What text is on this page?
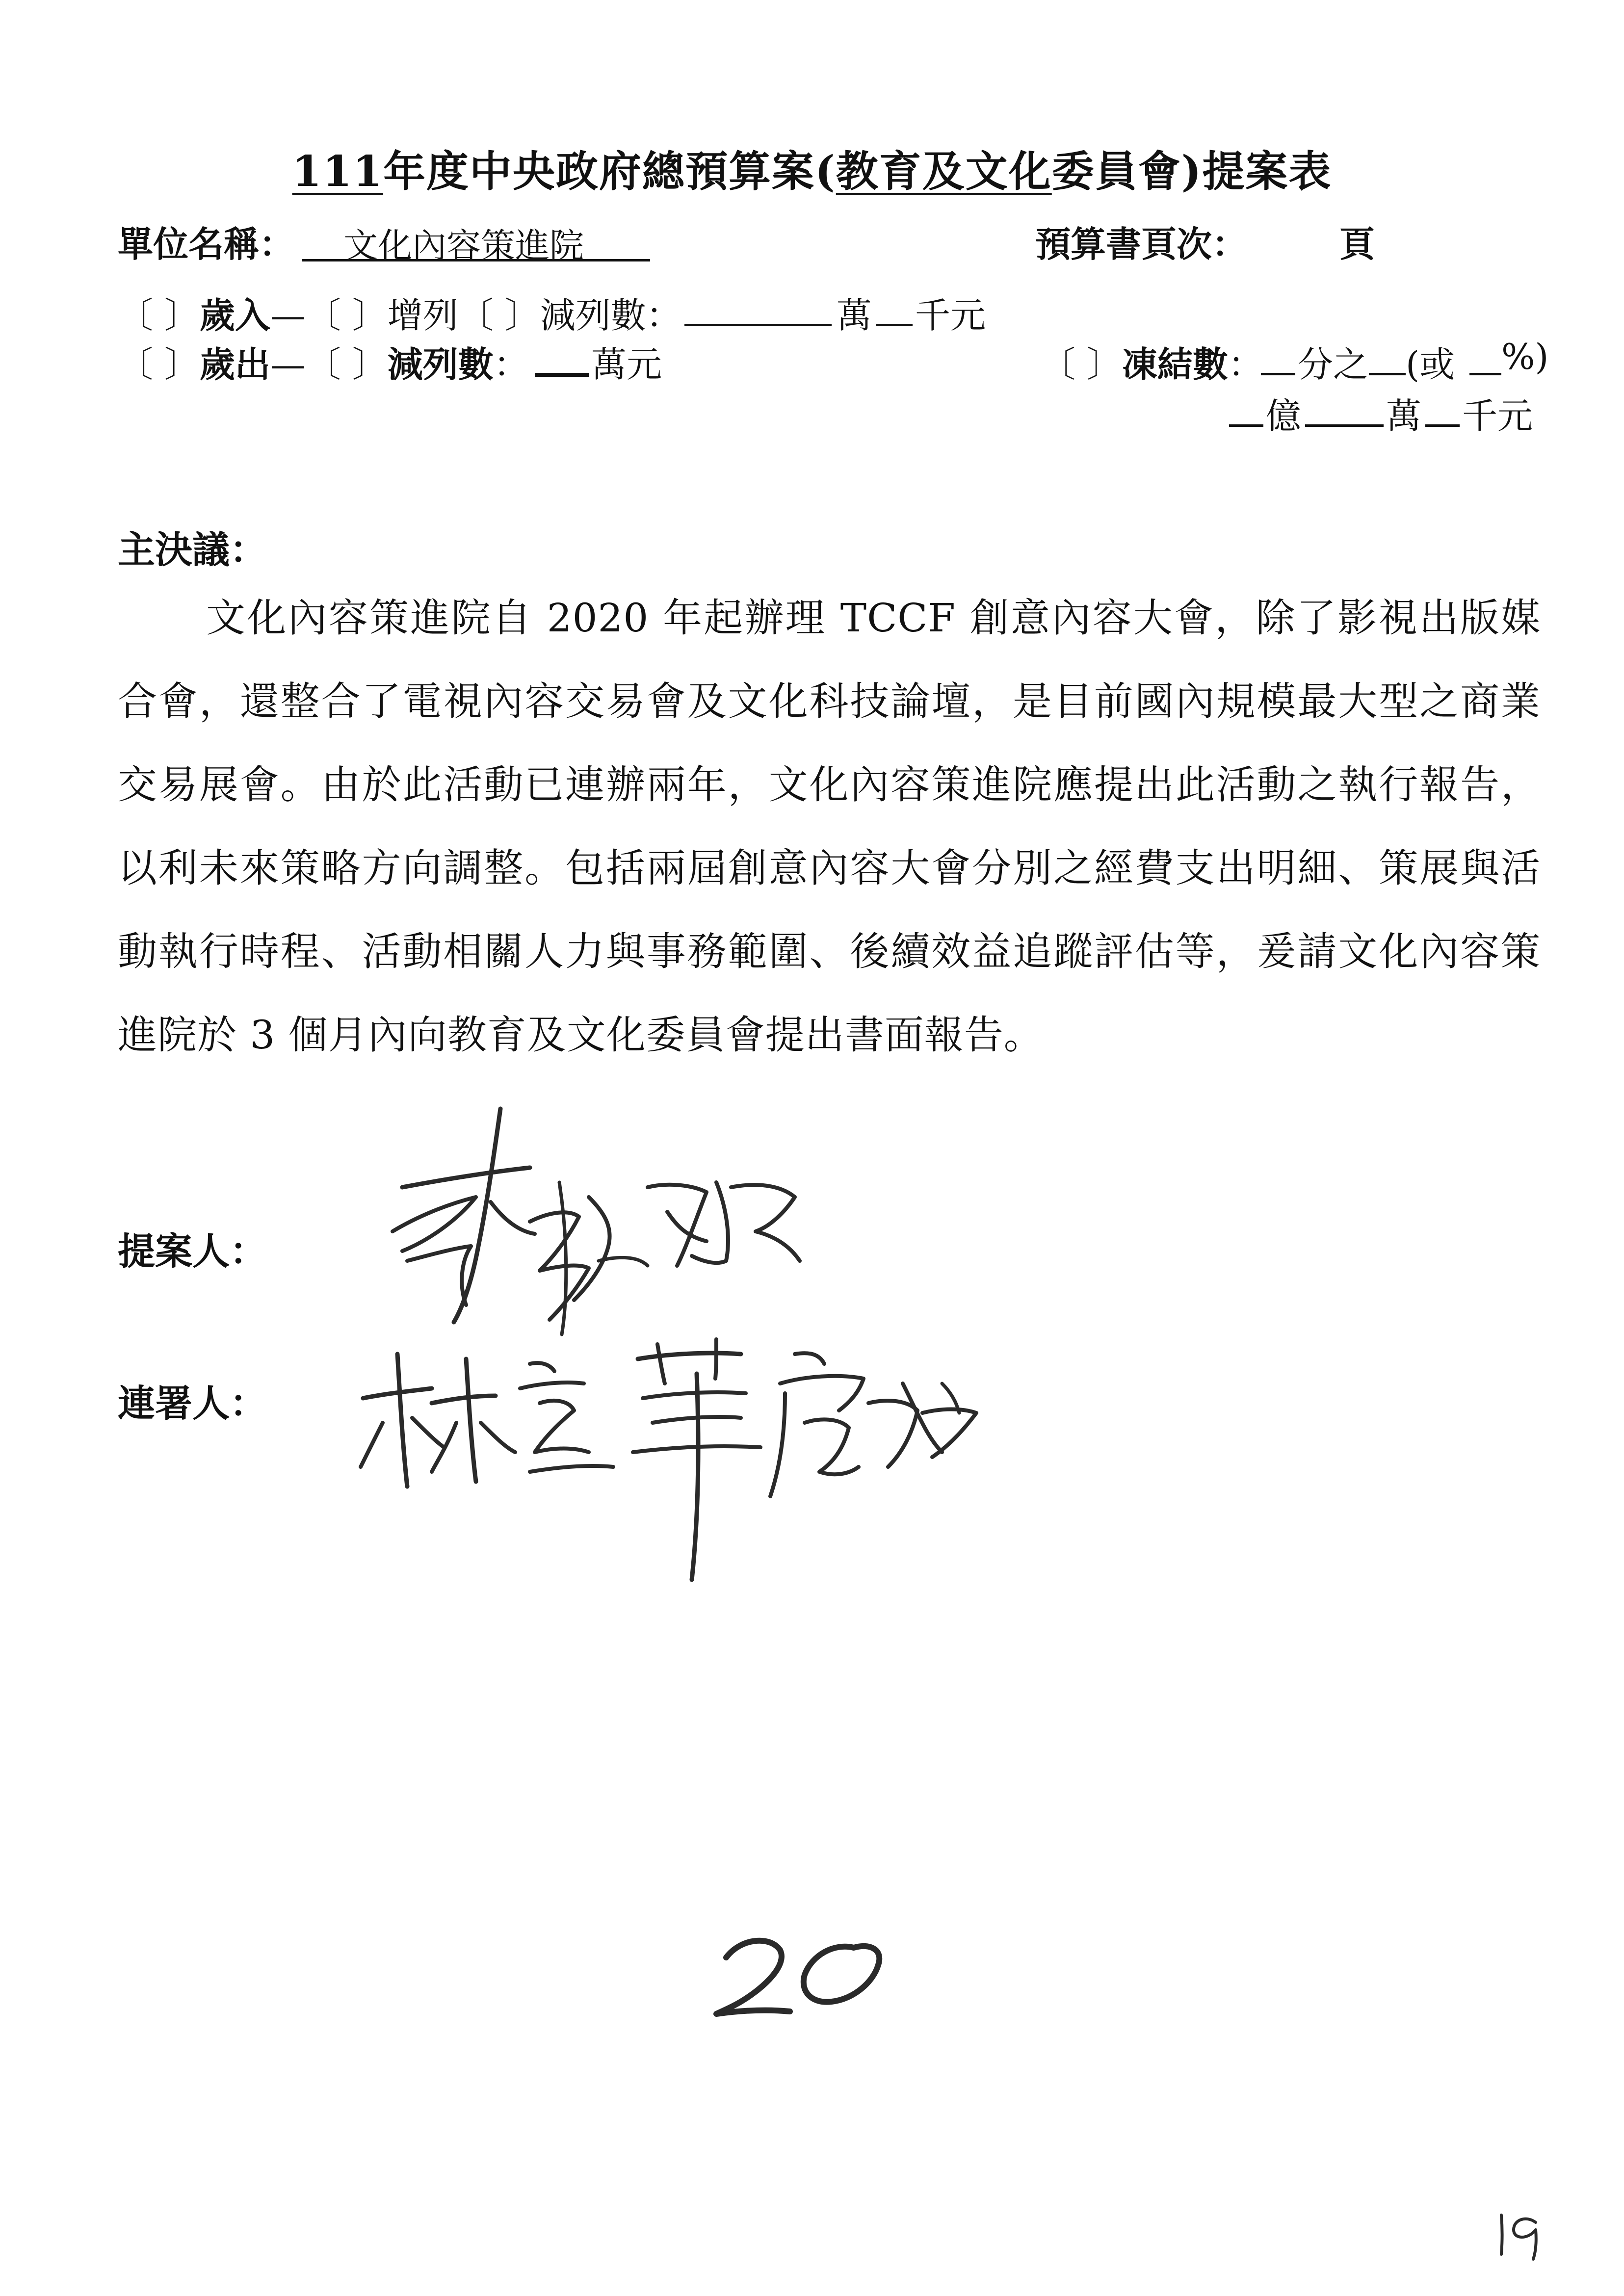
111年度中央政府總預算案(教育及文化委員會)提案表
單位名稱： 文化內容策進院	預算書頁次：	頁
〔 〕歲入—〔 〕增列〔 〕減列數：	萬 千元
〔 〕歲出—〔 〕減列數： 萬元	〔 〕凍結數： 分之 (或 %)
億 萬 千元
主決議：
文化內容策進院自 2020 年起辦理 TCCF 創意內容大會，除了影視出版媒合會，還整合了電視內容交易會及文化科技論壇，是目前國內規模最大型之商業交易展會。由於此活動已連辦兩年，文化內容策進院應提出此活動之執行報告，以利未來策略方向調整。包括兩屆創意內容大會分別之經費支出明細、策展與活動執行時程、活動相關人力與事務範圍、後續效益追蹤評估等，爰請文化內容策進院於 3 個月內向教育及文化委員會提出書面報告。
提案人：
連署人：
